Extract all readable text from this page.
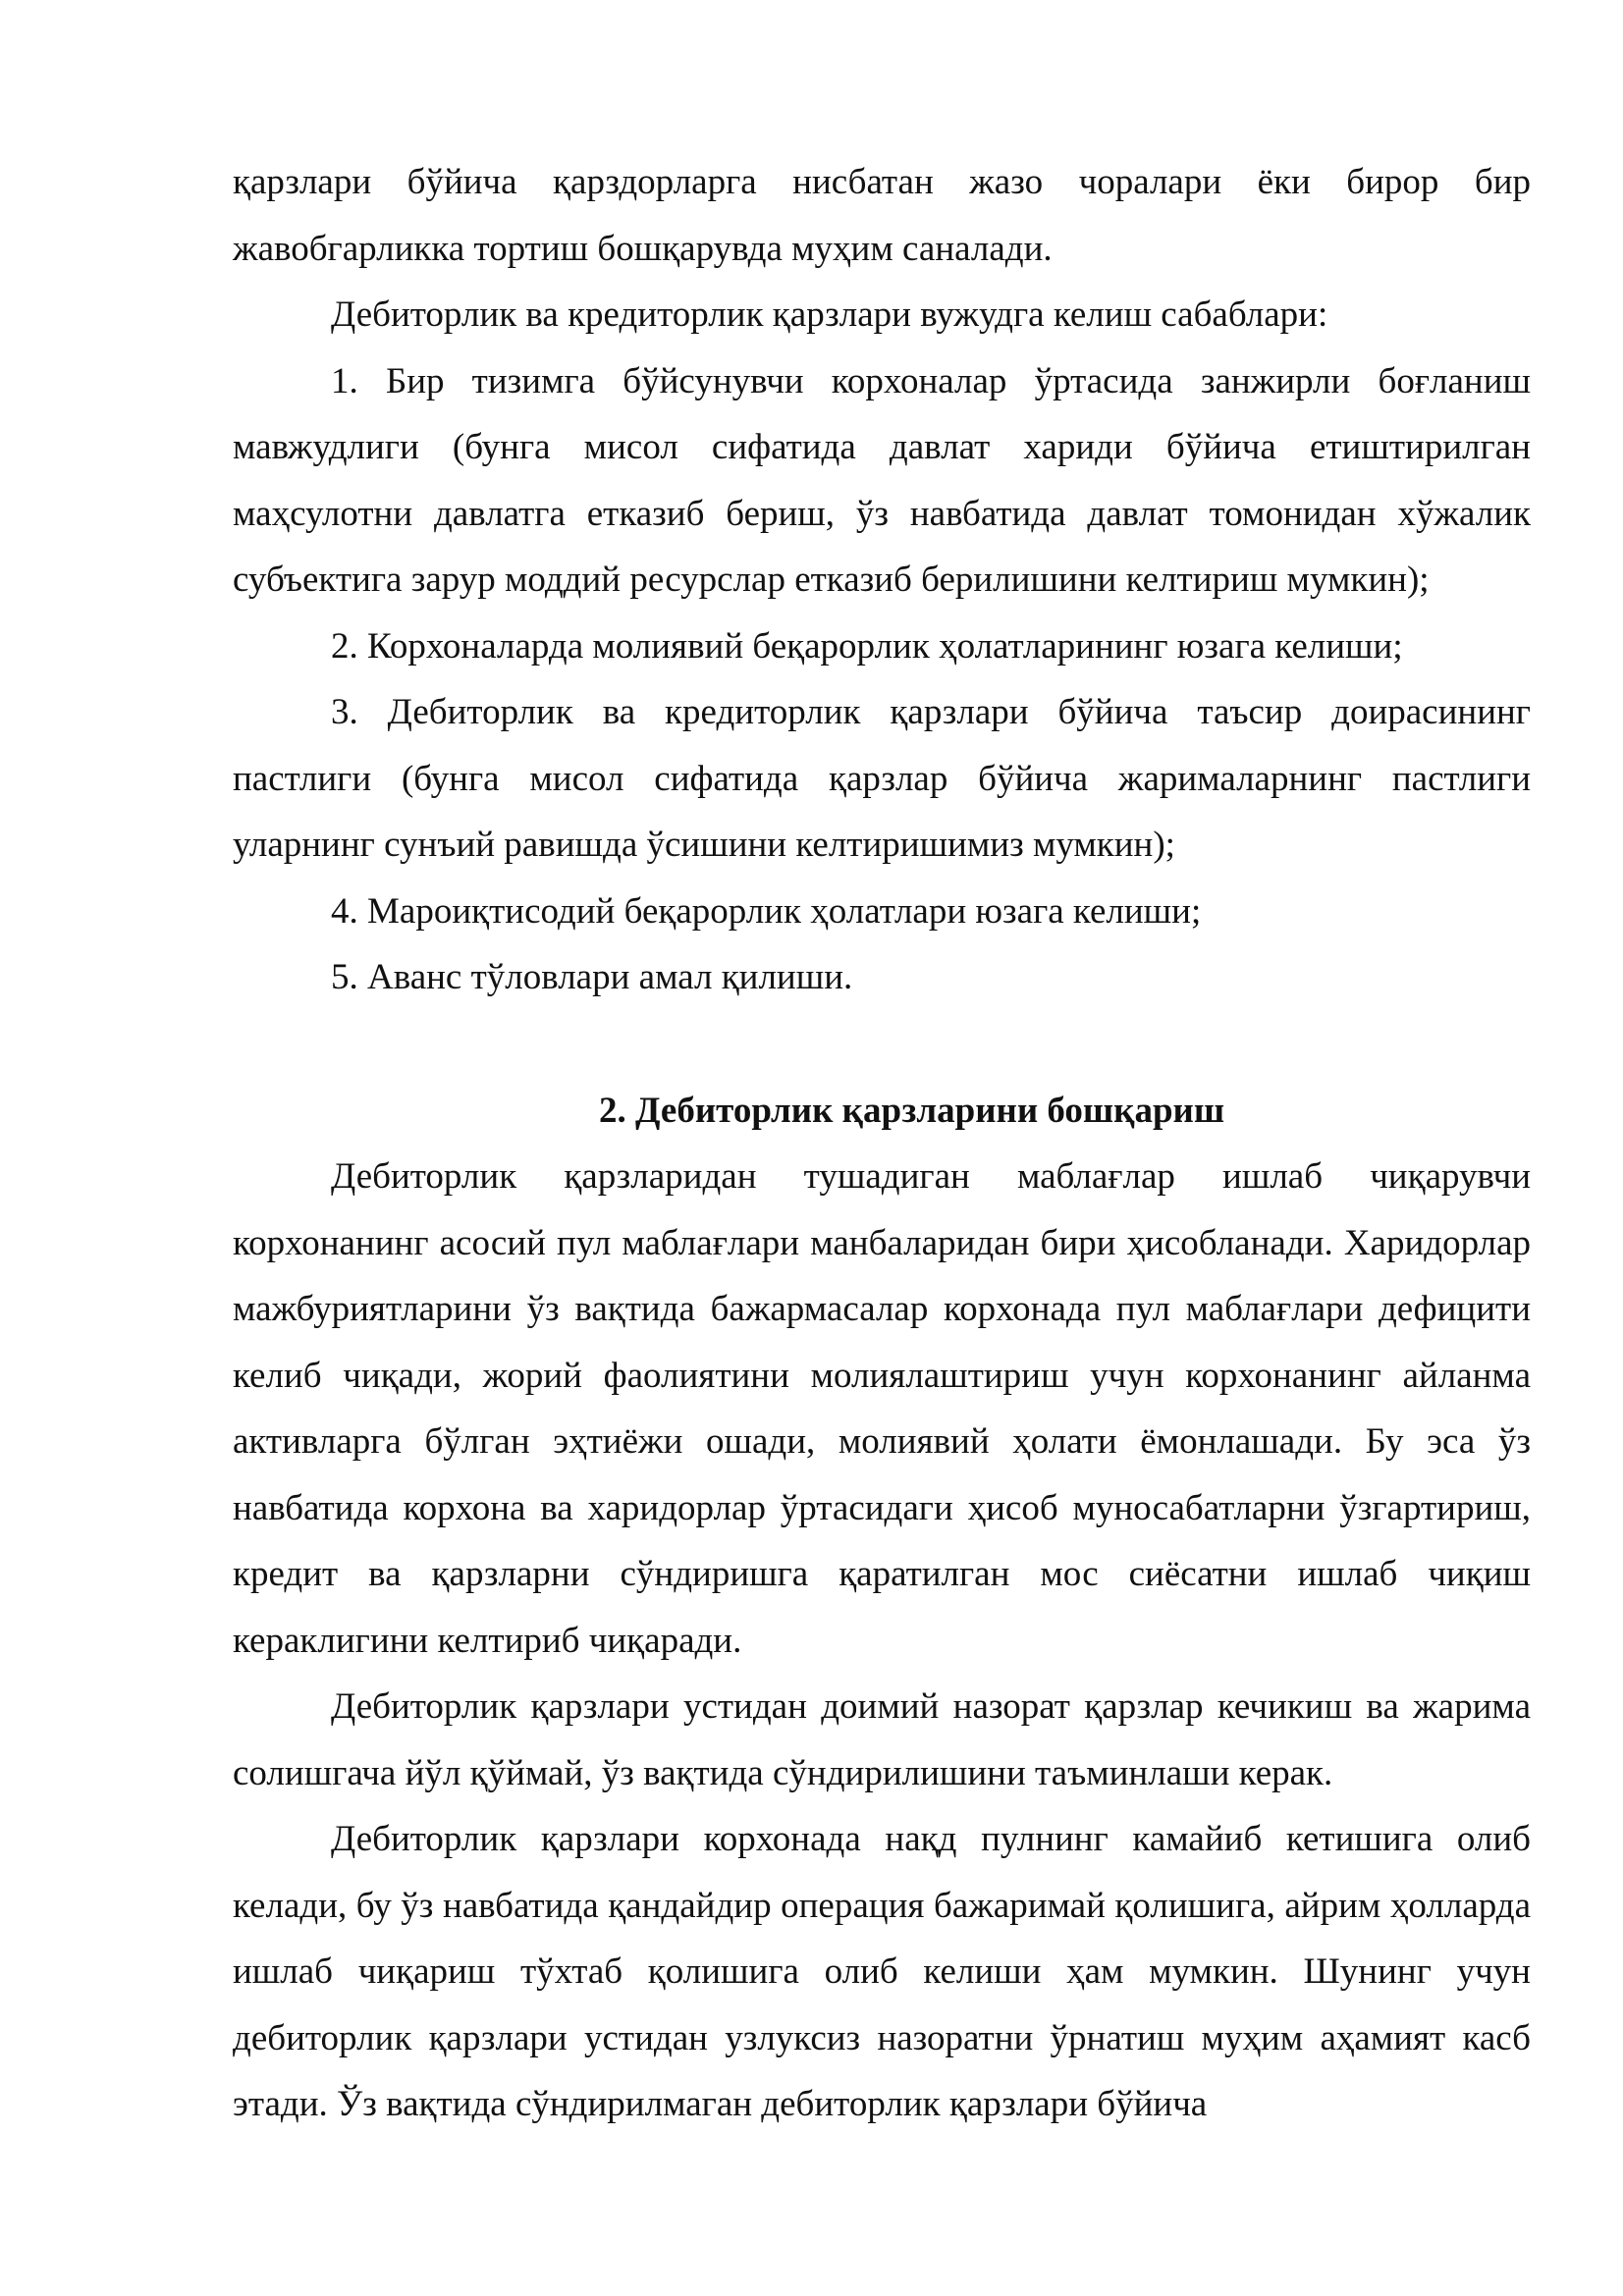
қарзлари бўйича қарздорларга нисбатан жазо чоралари ёки бирор бир жавобгарликка тортиш бошқарувда муҳим саналади.

Дебиторлик ва кредиторлик қарзлари вужудга келиш сабаблари:

1. Бир тизимга бўйсунувчи корхоналар ўртасида занжирли боғланиш мавжудлиги (бунга мисол сифатида давлат хариди бўйича етиштирилган маҳсулотни давлатга етказиб бериш, ўз навбатида давлат томонидан хўжалик субъектига зарур моддий ресурслар етказиб берилишини келтириш мумкин);

2. Корхоналарда молиявий беқарорлик ҳолатларининг юзага келиши;

3. Дебиторлик ва кредиторлик қарзлари бўйича таъсир доирасининг пастлиги (бунга мисол сифатида қарзлар бўйича жарималарнинг пастлиги уларнинг сунъий равишда ўсишини келтиришимиз мумкин);

4. Мароиқтисодий беқарорлик ҳолатлари юзага келиши;

5. Аванс тўловлари амал қилиши.

2. Дебиторлик қарзларини бошқариш

Дебиторлик қарзларидан тушадиган маблағлар ишлаб чиқарувчи корхонанинг асосий пул маблағлари манбаларидан бири ҳисобланади. Харидорлар мажбуриятларини ўз вақтида бажармасалар корхонада пул маблағлари дефицити келиб чиқади, жорий фаолиятини молиялаштириш учун корхонанинг айланма активларга бўлган эҳтиёжи ошади, молиявий ҳолати ёмонлашади. Бу эса ўз навбатида корхона ва харидорлар ўртасидаги ҳисоб муносабатларни ўзгартириш, кредит ва қарзларни сўндиришга қаратилган мос сиёсатни ишлаб чиқиш кераклигини келтириб чиқаради.

Дебиторлик қарзлари устидан доимий назорат қарзлар кечикиш ва жарима солишгача йўл қўймай, ўз вақтида сўндирилишини таъминлаши керак.

Дебиторлик қарзлари корхонада нақд пулнинг камайиб кетишига олиб келади, бу ўз навбатида қандайдир операция бажаримай қолишига, айрим ҳолларда ишлаб чиқариш тўхтаб қолишига олиб келиши ҳам мумкин. Шунинг учун дебиторлик қарзлари устидан узлуксиз назоратни ўрнатиш муҳим аҳамият касб этади. Ўз вақтида сўндирилмаган дебиторлик қарзлари бўйича
